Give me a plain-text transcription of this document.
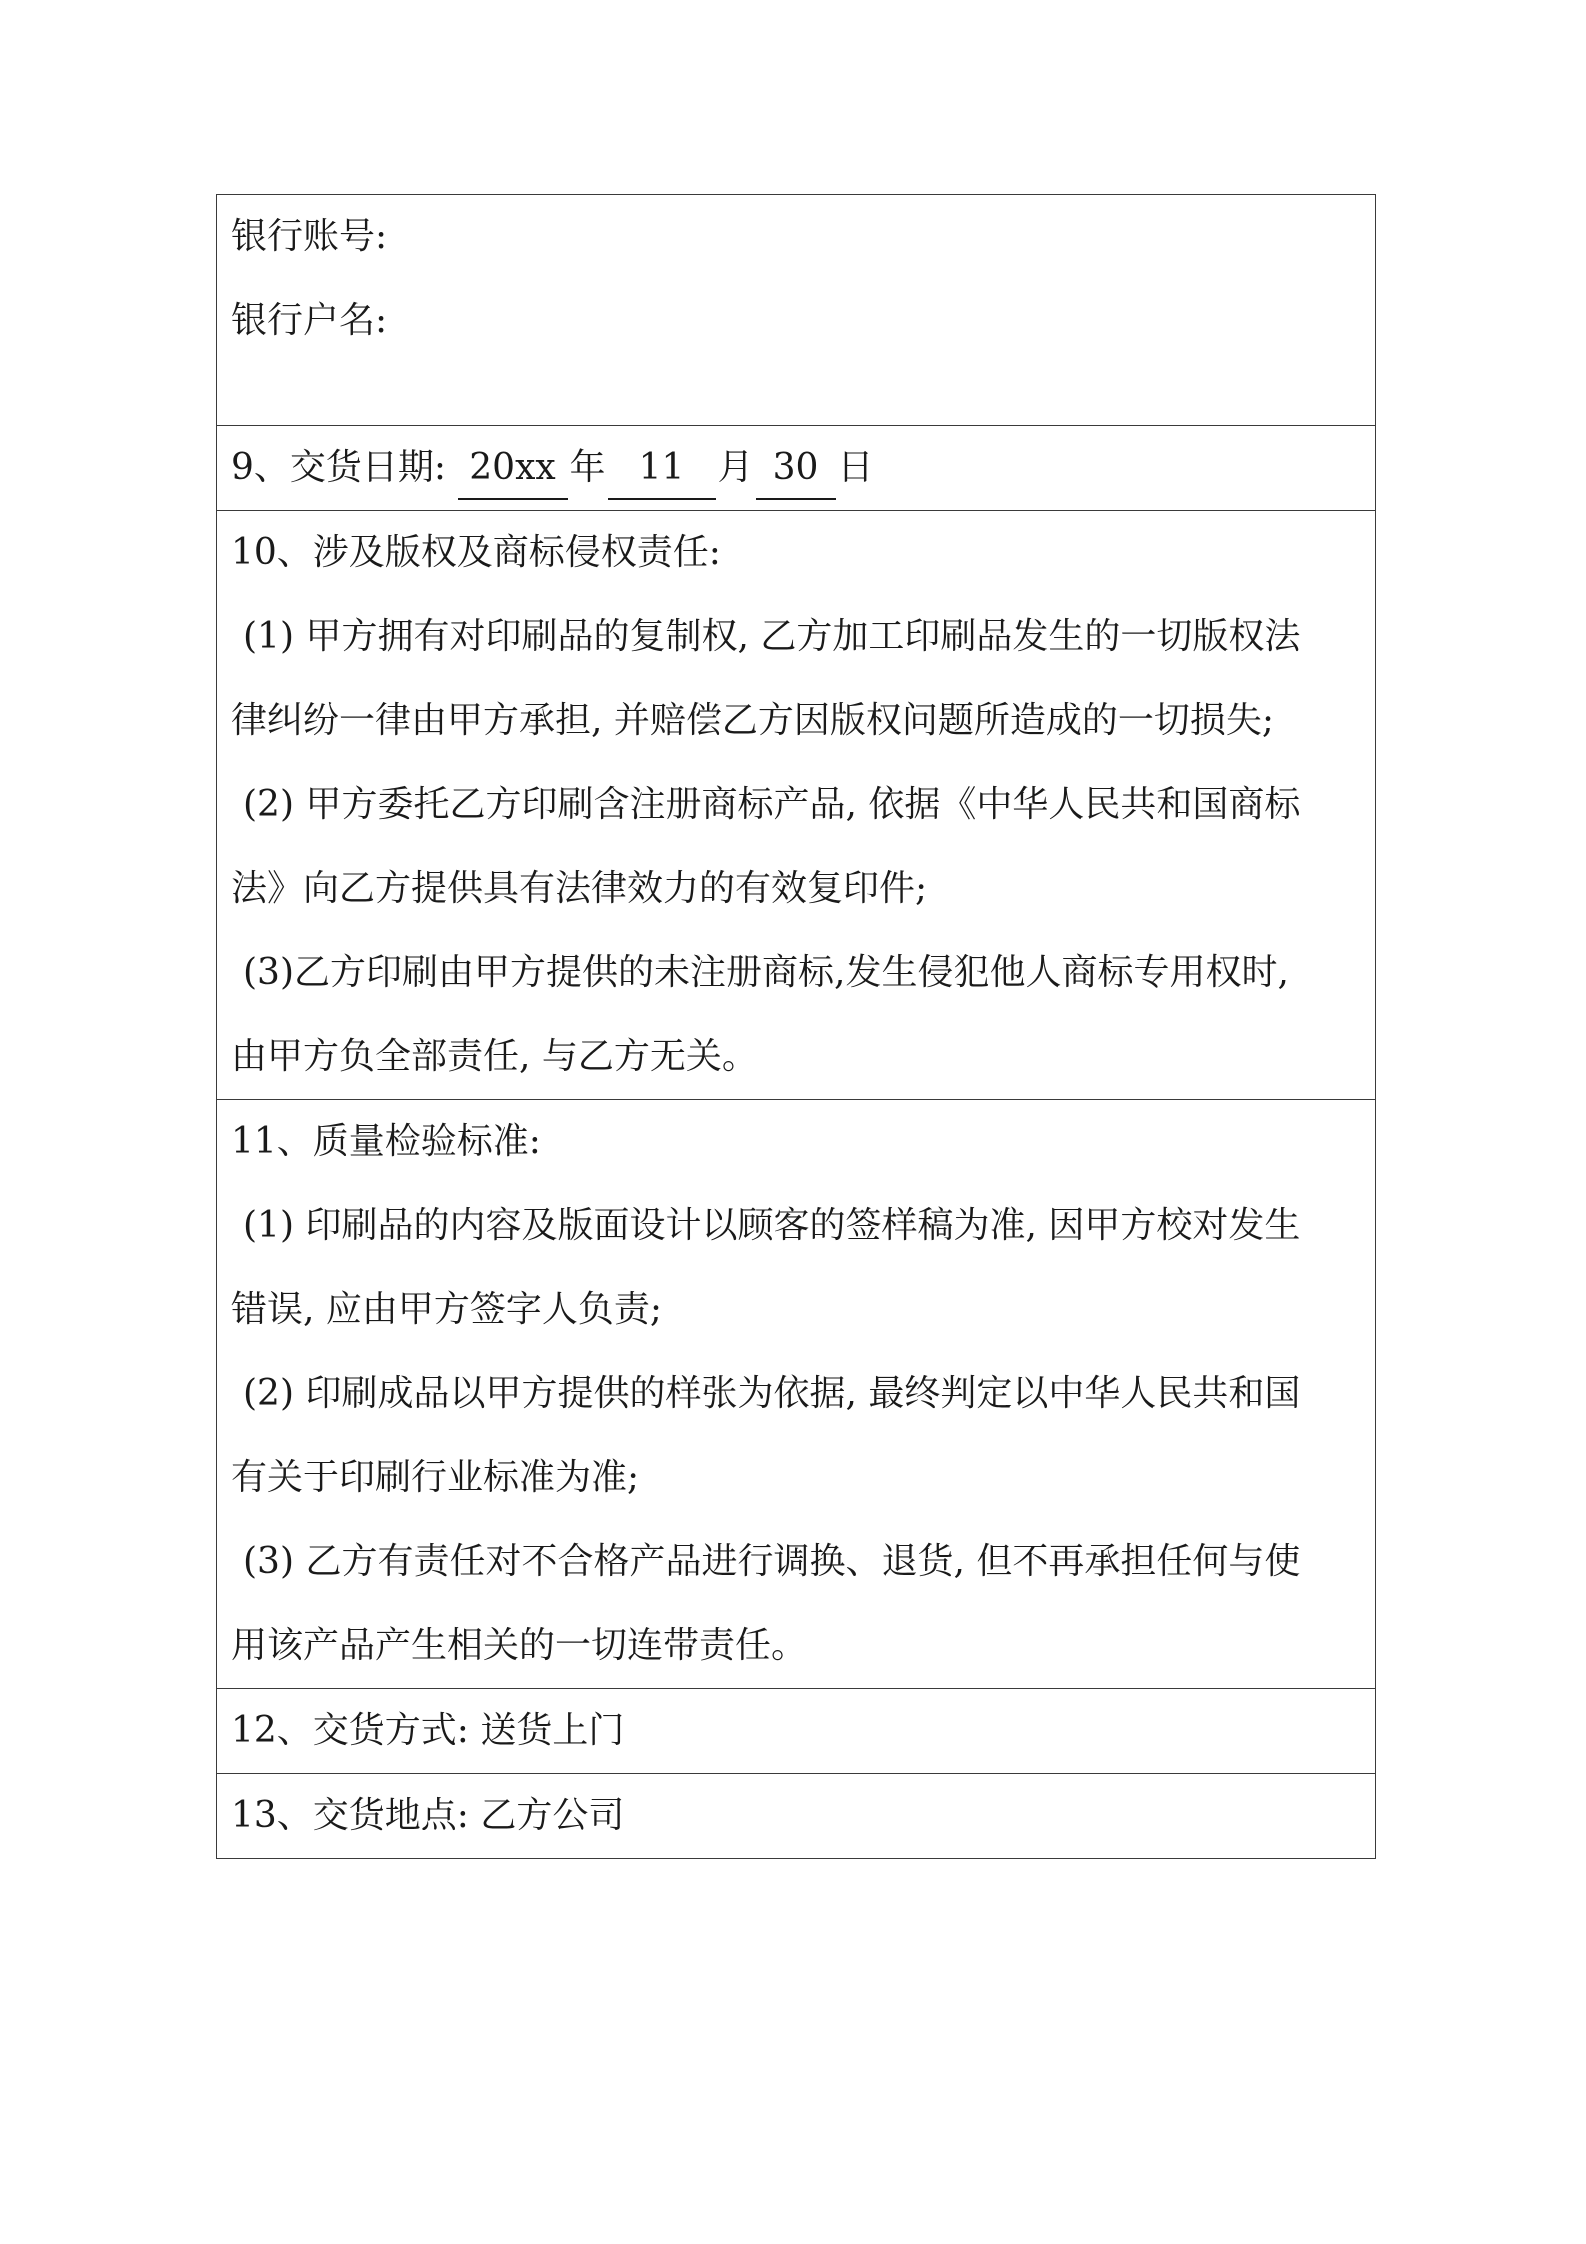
银行账号:
银行户名:

9、交货日期: 20xx 年 11 月 30 日

10、涉及版权及商标侵权责任:
(1) 甲方拥有对印刷品的复制权, 乙方加工印刷品发生的一切版权法
律纠纷一律由甲方承担, 并赔偿乙方因版权问题所造成的一切损失;
(2) 甲方委托乙方印刷含注册商标产品, 依据《中华人民共和国商标
法》向乙方提供具有法律效力的有效复印件;
(3)乙方印刷由甲方提供的未注册商标,发生侵犯他人商标专用权时,
由甲方负全部责任, 与乙方无关。

11、质量检验标准:
(1) 印刷品的内容及版面设计以顾客的签样稿为准, 因甲方校对发生
错误, 应由甲方签字人负责;
(2) 印刷成品以甲方提供的样张为依据, 最终判定以中华人民共和国
有关于印刷行业标准为准;
(3) 乙方有责任对不合格产品进行调换、退货, 但不再承担任何与使
用该产品产生相关的一切连带责任。

12、交货方式: 送货上门

13、交货地点: 乙方公司
